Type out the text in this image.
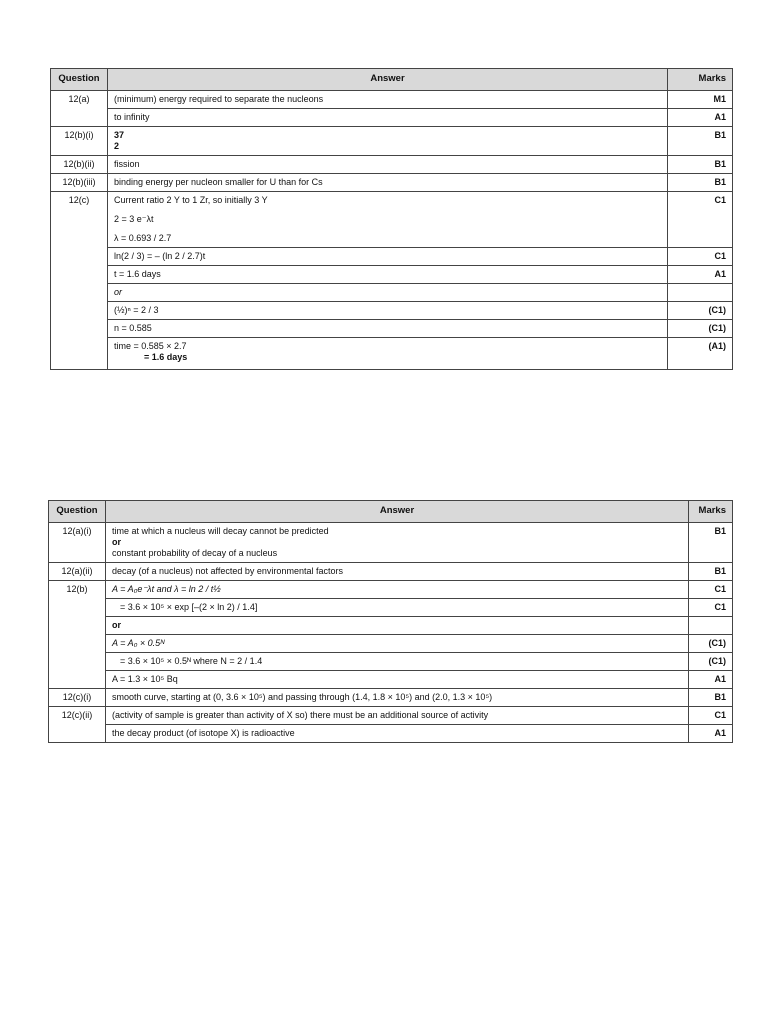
Question	Answer	Marks
12(a)	(minimum) energy required to separate the nucleons	M1

	to infinity	A1
12(b)(i)	37
2	B1
12(b)(ii)	fission	B1
12(b)(iii)	binding energy per nucleon smaller for U than for Cs	B1
12(c)	Current ratio 2 Y to 1 Zr, so initially 3 Y
2 = 3 e⁻λt
λ = 0.693 / 2.7	C1

	ln(2 / 3) = – (ln 2 / 2.7)t	C1

	t = 1.6 days	A1

	or	

	(½)ⁿ = 2 / 3	(C1)

	n = 0.585	(C1)

	time = 0.585 × 2.7
= 1.6 days	(A1)
Question	Answer	Marks
12(a)(i)	time at which a nucleus will decay cannot be predicted
or
constant probability of decay of a nucleus	B1
12(a)(ii)	decay (of a nucleus) not affected by environmental factors	B1
12(b)	A = A₀e⁻λt and λ = ln 2 / t½	C1

	= 3.6 × 10⁵ × exp [–(2 × ln 2) / 1.4]	C1

	or	

	A = A₀ × 0.5ᴺ	(C1)

	= 3.6 × 10⁵ × 0.5ᴺ where N = 2 / 1.4	(C1)

	A = 1.3 × 10⁵ Bq	A1
12(c)(i)	smooth curve, starting at (0, 3.6 × 10⁵) and passing through (1.4, 1.8 × 10⁵) and (2.0, 1.3 × 10⁵)	B1
12(c)(ii)	(activity of sample is greater than activity of X so) there must be an additional source of activity	C1

	the decay product (of isotope X) is radioactive	A1
